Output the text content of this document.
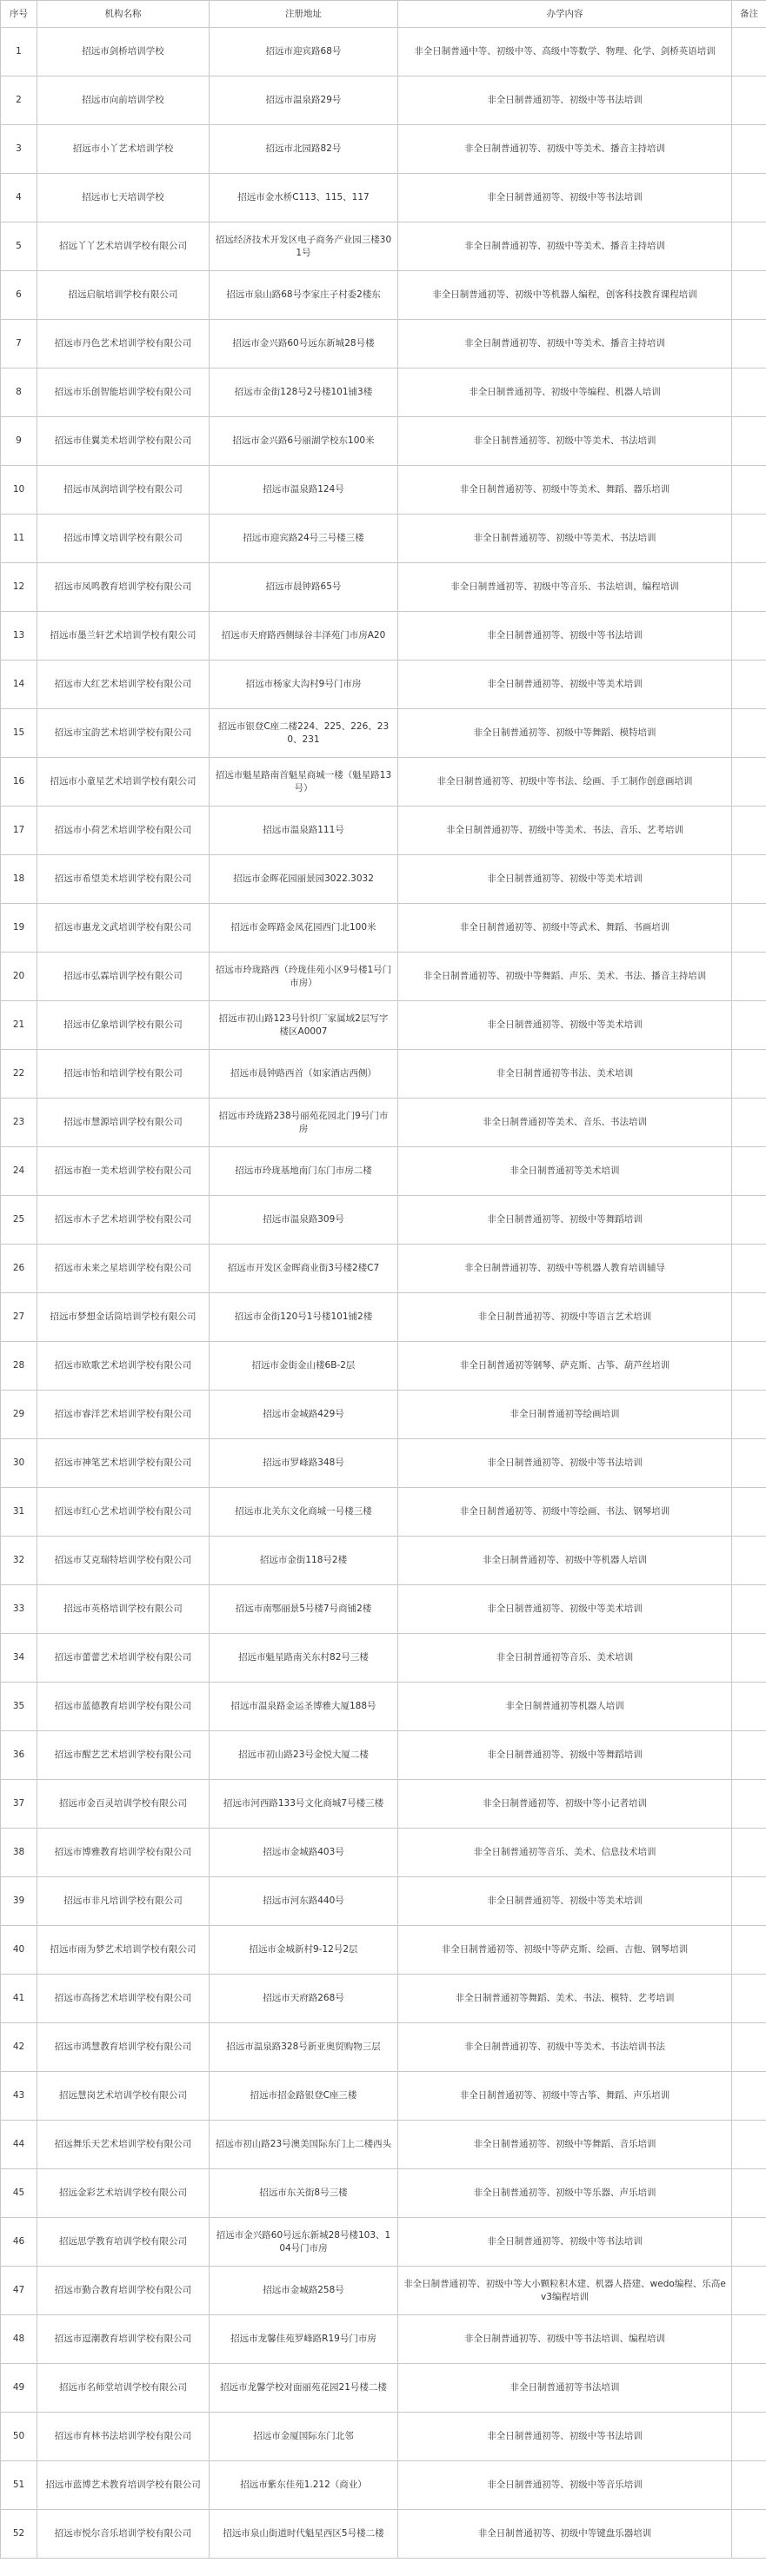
序号	机构名称	注册地址	办学内容	备注
1	招远市剑桥培训学校	招远市迎宾路68号	非全日制普通中等、初级中等、高级中等数学、物理、化学、剑桥英语培训	
2	招远市向前培训学校	招远市温泉路29号	非全日制普通初等、初级中等书法培训	
3	招远市小丫艺术培训学校	招远市北园路82号	非全日制普通初等、初级中等美术、播音主持培训	
4	招远市七天培训学校	招远市金水桥C113、115、117	非全日制普通初等、初级中等书法培训	
5	招远丫丫艺术培训学校有限公司	招远经济技术开发区电子商务产业园三楼301号	非全日制普通初等、初级中等美术、播音主持培训	
6	招远启航培训学校有限公司	招远市泉山路68号李家庄子村委2楼东	非全日制普通初等、初级中等机器人编程，创客科技教育课程培训	
7	招远市丹色艺术培训学校有限公司	招远市金兴路60号远东新城28号楼	非全日制普通初等、初级中等美术、播音主持培训	
8	招远市乐创智能培训学校有限公司	招远市金街128号2号楼101铺3楼	非全日制普通初等、初级中等编程、机器人培训	
9	招远市佳翼美术培训学校有限公司	招远市金兴路6号丽湖学校东100米	非全日制普通初等、初级中等美术、书法培训	
10	招远市凤润培训学校有限公司	招远市温泉路124号	非全日制普通初等、初级中等美术、舞蹈、器乐培训	
11	招远市博文培训学校有限公司	招远市迎宾路24号三号楼三楼	非全日制普通初等、初级中等美术、书法培训	
12	招远市凤鸣教育培训学校有限公司	招远市晨钟路65号	非全日制普通初等、初级中等音乐、书法培训，编程培训	
13	招远市墨兰轩艺术培训学校有限公司	招远市天府路西侧绿谷丰泽苑门市房A20	非全日制普通初等、初级中等书法培训	
14	招远市大红艺术培训学校有限公司	招远市杨家大沟村9号门市房	非全日制普通初等、初级中等美术培训	
15	招远市宝韵艺术培训学校有限公司	招远市银登C座二楼224、225、226、230、231	非全日制普通初等、初级中等舞蹈、模特培训	
16	招远市小童星艺术培训学校有限公司	招远市魁星路南首魁星商城一楼（魁星路13号）	非全日制普通初等、初级中等书法、绘画、手工制作创意画培训	
17	招远市小荷艺术培训学校有限公司	招远市温泉路111号	非全日制普通初等、初级中等美术、书法、音乐、艺考培训	
18	招远市希望美术培训学校有限公司	招远市金晖花园丽景园3022.3032	非全日制普通初等、初级中等美术培训	
19	招远市惠龙文武培训学校有限公司	招远市金晖路金凤花园西门北100米	非全日制普通初等、初级中等武术、舞蹈、书画培训	
20	招远市弘霖培训学校有限公司	招远市玲珑路西（玲珑佳苑小区9号楼1号门市房）	非全日制普通初等、初级中等舞蹈、声乐、美术、书法、播音主持培训	
21	招远市亿象培训学校有限公司	招远市初山路123号针织厂家属域2层写字楼区A0007	非全日制普通初等、初级中等美术培训	
22	招远市怡和培训学校有限公司	招远市晨钟路西首（如家酒店西侧）	非全日制普通初等书法、美术培训	
23	招远市慧源培训学校有限公司	招远市玲珑路238号丽苑花园北门9号门市房	非全日制普通初等美术、音乐、书法培训	
24	招远市抱一美术培训学校有限公司	招远市玲珑基地南门东门市房二楼	非全日制普通初等美术培训	
25	招远市木子艺术培训学校有限公司	招远市温泉路309号	非全日制普通初等、初级中等舞蹈培训	
26	招远市未来之星培训学校有限公司	招远市开发区金晖商业街3号楼2楼C7	非全日制普通初等、初级中等机器人教育培训辅导	
27	招远市梦想金话筒培训学校有限公司	招远市金街120号1号楼101铺2楼	非全日制普通初等、初级中等语言艺术培训	
28	招远市欧歌艺术培训学校有限公司	招远市金街金山楼6B-2层	非全日制普通初等钢琴、萨克斯、古筝、葫芦丝培训	
29	招远市睿洋艺术培训学校有限公司	招远市金城路429号	非全日制普通初等绘画培训	
30	招远市神笔艺术培训学校有限公司	招远市罗峰路348号	非全日制普通初等、初级中等书法培训	
31	招远市红心艺术培训学校有限公司	招远市北关东文化商城一号楼三楼	非全日制普通初等、初级中等绘画、书法、钢琴培训	
32	招远市艾克瑞特培训学校有限公司	招远市金街118号2楼	非全日制普通初等、初级中等机器人培训	
33	招远市英格培训学校有限公司	招远市南鄂丽景5号楼7号商铺2楼	非全日制普通初等、初级中等美术培训	
34	招远市蕾蕾艺术培训学校有限公司	招远市魁星路南关东村82号三楼	非全日制普通初等音乐、美术培训	
35	招远市蓝德教育培训学校有限公司	招远市温泉路金运圣博雅大厦188号	非全日制普通初等机器人培训	
36	招远市醒艺艺术培训学校有限公司	招远市初山路23号金悦大厦二楼	非全日制普通初等、初级中等舞蹈培训	
37	招远市金百灵培训学校有限公司	招远市河西路133号文化商城7号楼三楼	非全日制普通初等、初级中等小记者培训	
38	招远市博雅教育培训学校有限公司	招远市金城路403号	非全日制普通初等音乐、美术、信息技术培训	
39	招远市非凡培训学校有限公司	招远市河东路440号	非全日制普通初等、初级中等美术培训	
40	招远市雨为梦艺术培训学校有限公司	招远市金城新村9-12号2层	非全日制普通初等、初级中等萨克斯、绘画、吉他、钢琴培训	
41	招远市高扬艺术培训学校有限公司	招远市天府路268号	非全日制普通初等舞蹈、美术、书法、模特、艺考培训	
42	招远市鸿慧教育培训学校有限公司	招远市温泉路328号新亚奥贸购物三层	非全日制普通初等、初级中等美术、书法培训书法	
43	招远慧岗艺术培训学校有限公司	招远市招金路银登C座三楼	非全日制普通初等、初级中等古筝、舞蹈、声乐培训	
44	招远舞乐天艺术培训学校有限公司	招远市初山路23号澳美国际东门上二楼西头	非全日制普通初等、初级中等舞蹈、音乐培训	
45	招远金彩艺术培训学校有限公司	招远市东关街8号三楼	非全日制普通初等、初级中等乐器、声乐培训	
46	招远思学教育培训学校有限公司	招远市金兴路60号远东新城28号楼103、104号门市房	非全日制普通初等、初级中等书法培训	
47	招远市勤合教育培训学校有限公司	招远市金城路258号	非全日制普通初等、初级中等大小颗粒积木建、机器人搭建、wedo编程、乐高ev3编程培训	
48	招远市逗潮教育培训学校有限公司	招远市龙馨佳苑罗峰路R19号门市房	非全日制普通初等、初级中等书法培训、编程培训	
49	招远市名师堂培训学校有限公司	招远市龙馨学校对面丽苑花园21号楼二楼	非全日制普通初等书法培训	
50	招远市育林书法培训学校有限公司	招远市金厦国际东门北邻	非全日制普通初等、初级中等书法培训	
51	招远市蓝博艺术教育培训学校有限公司	招远市紫东佳苑1.212（商业）	非全日制普通初等、初级中等音乐培训	
52	招远市悦尔音乐培训学校有限公司	招远市泉山街道时代魁星西区5号楼二楼	非全日制普通初等、初级中等键盘乐器培训	
